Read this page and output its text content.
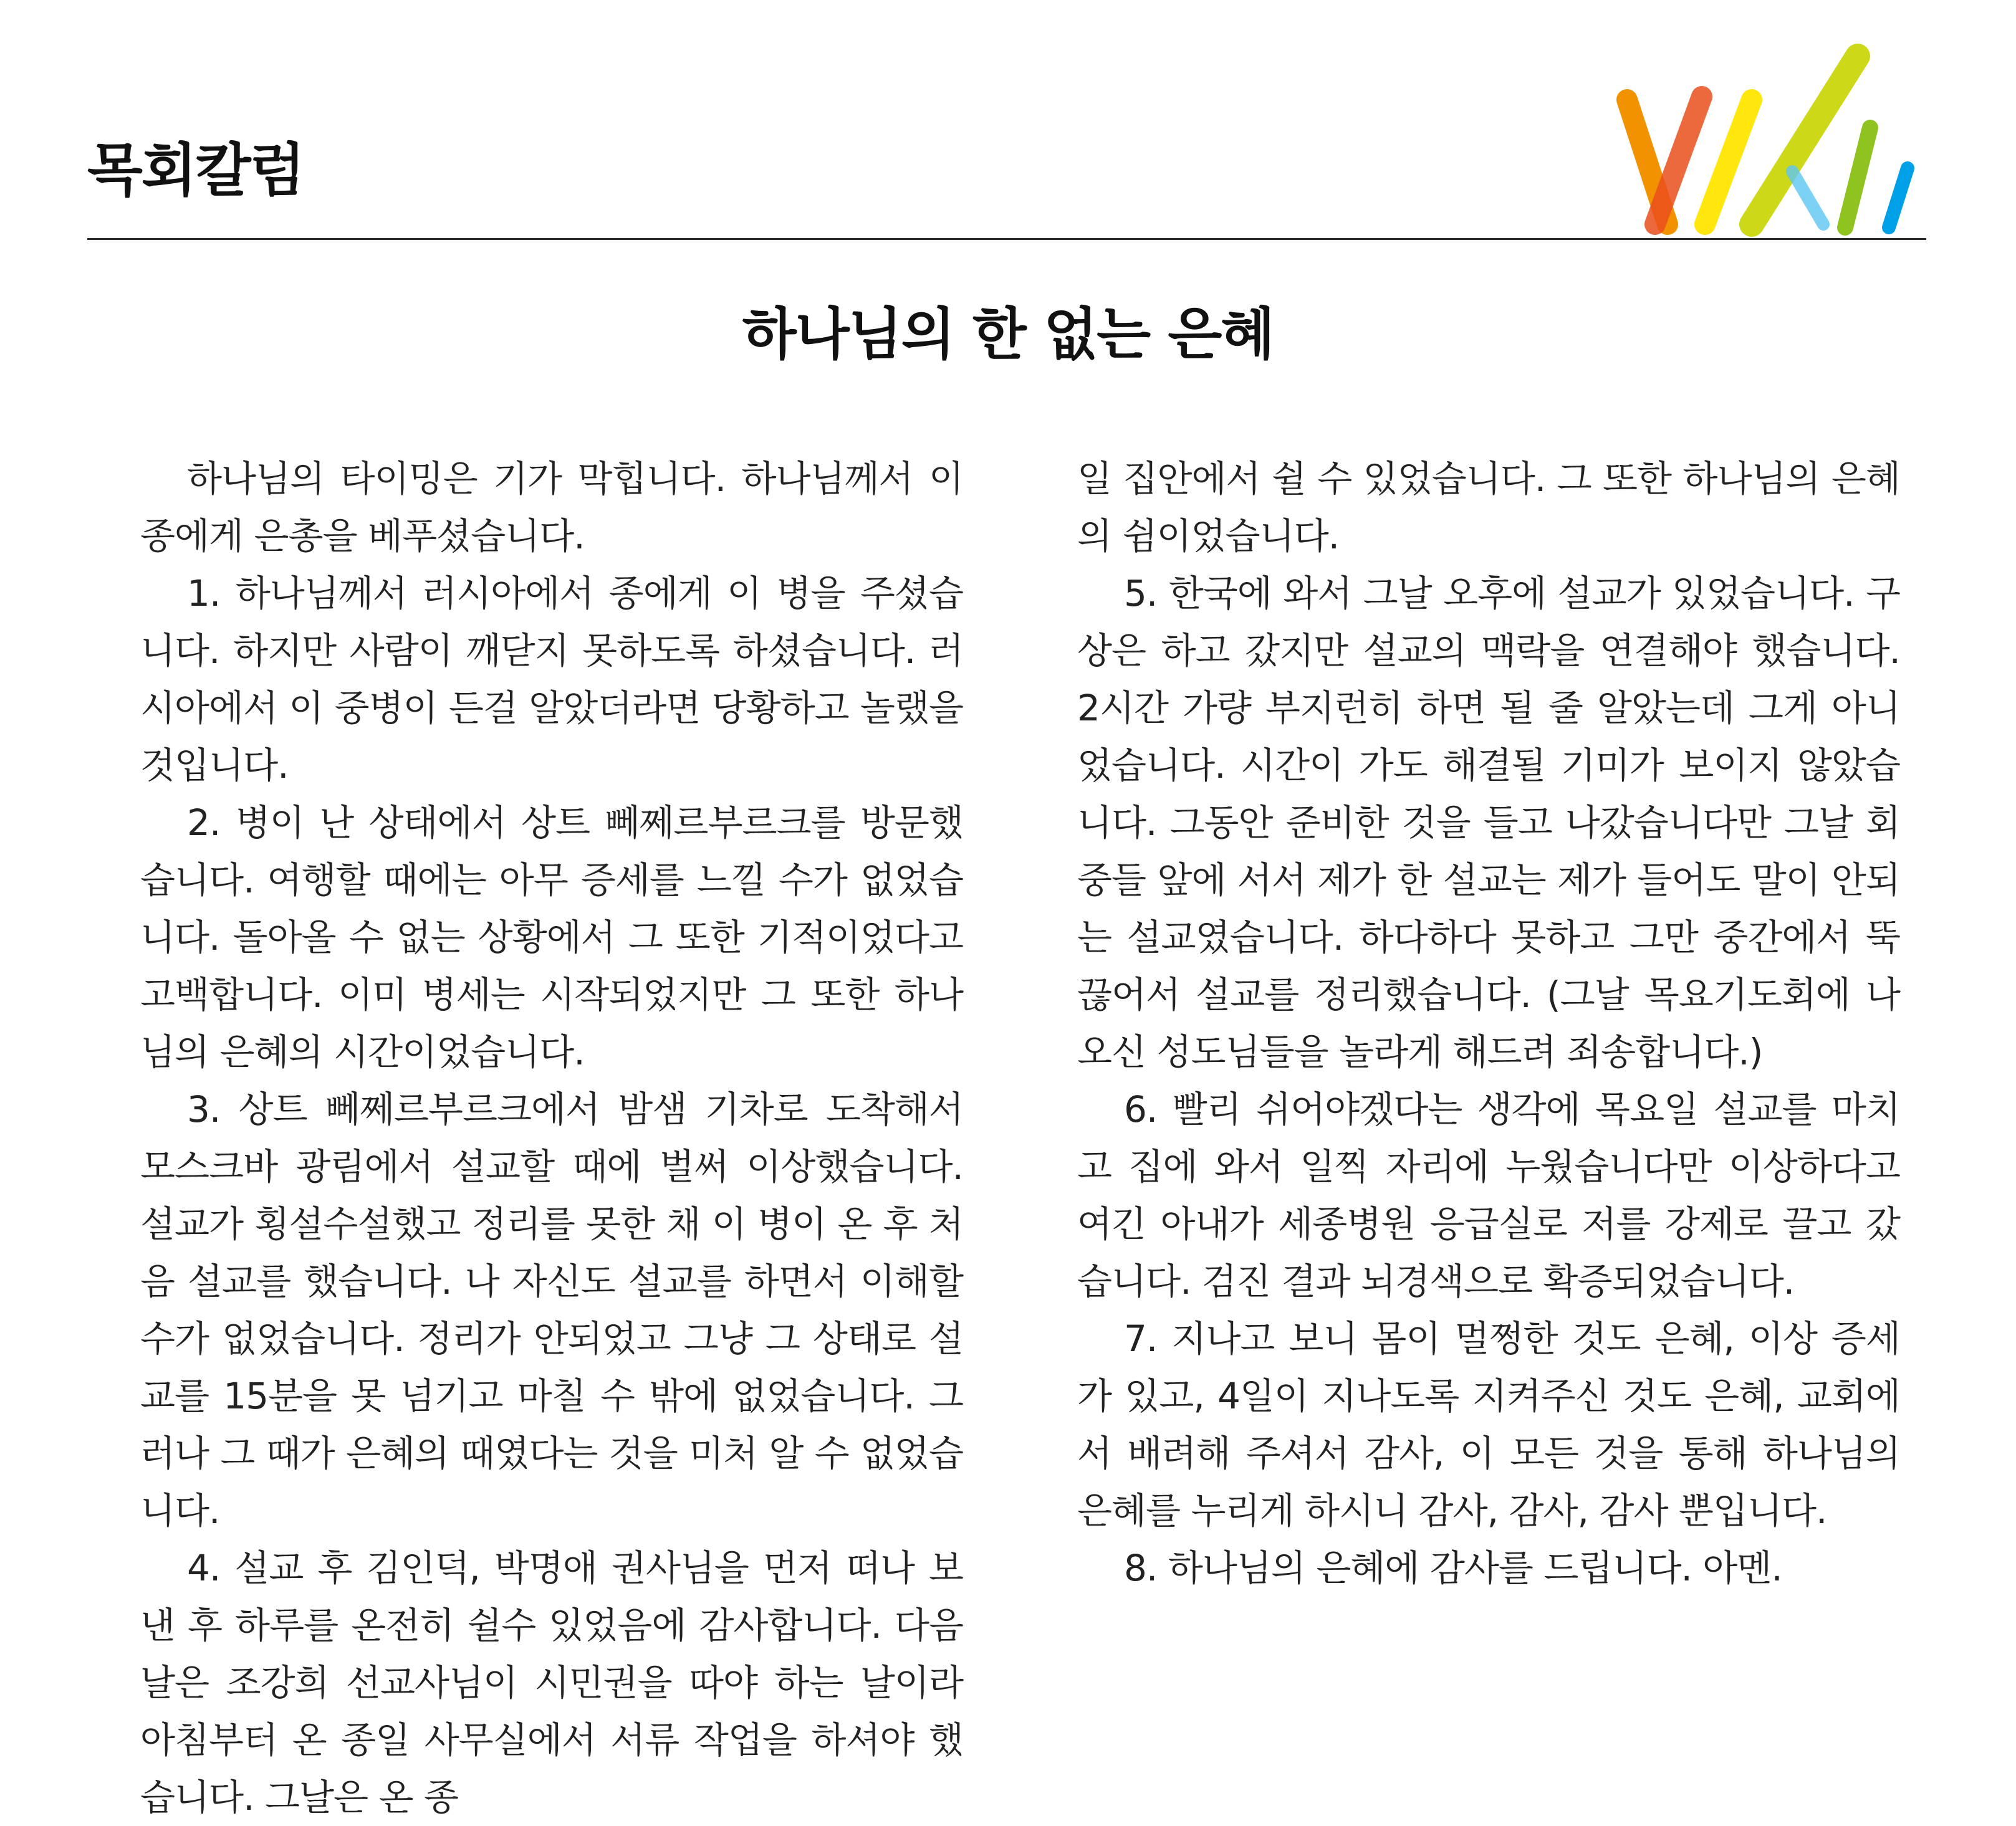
목회칼럼
하나님의 한 없는 은혜

하나님의 타이밍은 기가 막힙니다. 하나님께서 이 종에게 은총을 베푸셨습니다.

1. 하나님께서 러시아에서 종에게 이 병을 주셨습니다. 하지만 사람이 깨닫지 못하도록 하셨습니다. 러시아에서 이 중병이 든걸 알았더라면 당황하고 놀랬을 것입니다.

2. 병이 난 상태에서 상트 뻬쩨르부르크를 방문했습니다. 여행할 때에는 아무 증세를 느낄 수가 없었습니다. 돌아올 수 없는 상황에서 그 또한 기적이었다고 고백합니다. 이미 병세는 시작되었지만 그 또한 하나님의 은혜의 시간이었습니다.

3. 상트 뻬쩨르부르크에서 밤샘 기차로 도착해서 모스크바 광림에서 설교할 때에 벌써 이상했습니다. 설교가 횡설수설했고 정리를 못한 채 이 병이 온 후 처음 설교를 했습니다. 나 자신도 설교를 하면서 이해할 수가 없었습니다. 정리가 안되었고 그냥 그 상태로 설교를 15분을 못 넘기고 마칠 수 밖에 없었습니다. 그러나 그 때가 은혜의 때였다는 것을 미처 알 수 없었습니다.

4. 설교 후 김인덕, 박명애 권사님을 먼저 떠나 보낸 후 하루를 온전히 쉴수 있었음에 감사합니다. 다음날은 조강희 선교사님이 시민권을 따야 하는 날이라 아침부터 온 종일 사무실에서 서류 작업을 하셔야 했습니다. 그날은 온 종

일 집안에서 쉴 수 있었습니다. 그 또한 하나님의 은혜의 쉼이었습니다.

5. 한국에 와서 그날 오후에 설교가 있었습니다. 구상은 하고 갔지만 설교의 맥락을 연결해야 했습니다. 2시간 가량 부지런히 하면 될 줄 알았는데 그게 아니었습니다. 시간이 가도 해결될 기미가 보이지 않았습니다. 그동안 준비한 것을 들고 나갔습니다만 그날 회중들 앞에 서서 제가 한 설교는 제가 들어도 말이 안되는 설교였습니다. 하다하다 못하고 그만 중간에서 뚝 끊어서 설교를 정리했습니다. (그날 목요기도회에 나오신 성도님들을 놀라게 해드려 죄송합니다.)

6. 빨리 쉬어야겠다는 생각에 목요일 설교를 마치고 집에 와서 일찍 자리에 누웠습니다만 이상하다고 여긴 아내가 세종병원 응급실로 저를 강제로 끌고 갔습니다. 검진 결과 뇌경색으로 확증되었습니다.

7. 지나고 보니 몸이 멀쩡한 것도 은혜, 이상 증세가 있고, 4일이 지나도록 지켜주신 것도 은혜, 교회에서 배려해 주셔서 감사, 이 모든 것을 통해 하나님의 은혜를 누리게 하시니 감사, 감사, 감사 뿐입니다.

8. 하나님의 은혜에 감사를 드립니다. 아멘.
